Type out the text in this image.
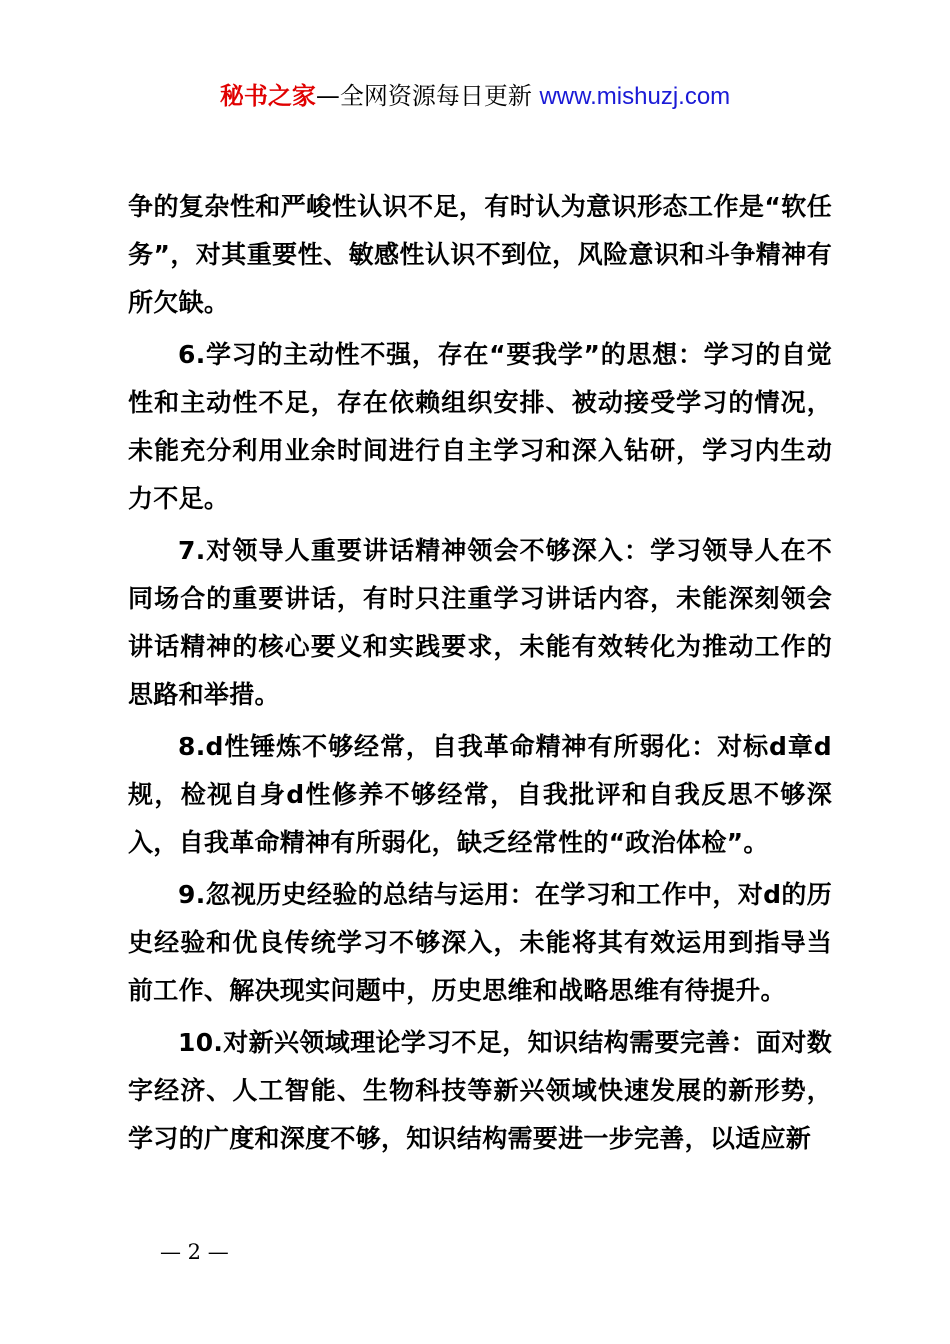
秘书之家—全网资源每日更新 www.mishuzj.com

争的复杂性和严峻性认识不足，有时认为意识形态工作是“软任务”，对其重要性、敏感性认识不到位，风险意识和斗争精神有所欠缺。

6.学习的主动性不强，存在“要我学”的思想：学习的自觉性和主动性不足，存在依赖组织安排、被动接受学习的情况，未能充分利用业余时间进行自主学习和深入钻研，学习内生动力不足。

7.对领导人重要讲话精神领会不够深入：学习领导人在不同场合的重要讲话，有时只注重学习讲话内容，未能深刻领会讲话精神的核心要义和实践要求，未能有效转化为推动工作的思路和举措。

8.d性锤炼不够经常，自我革命精神有所弱化：对标d章d规，检视自身d性修养不够经常，自我批评和自我反思不够深入，自我革命精神有所弱化，缺乏经常性的“政治体检”。

9.忽视历史经验的总结与运用：在学习和工作中，对d的历史经验和优良传统学习不够深入，未能将其有效运用到指导当前工作、解决现实问题中，历史思维和战略思维有待提升。

10.对新兴领域理论学习不足，知识结构需要完善：面对数字经济、人工智能、生物科技等新兴领域快速发展的新形势，学习的广度和深度不够，知识结构需要进一步完善，以适应新

— 2 —
